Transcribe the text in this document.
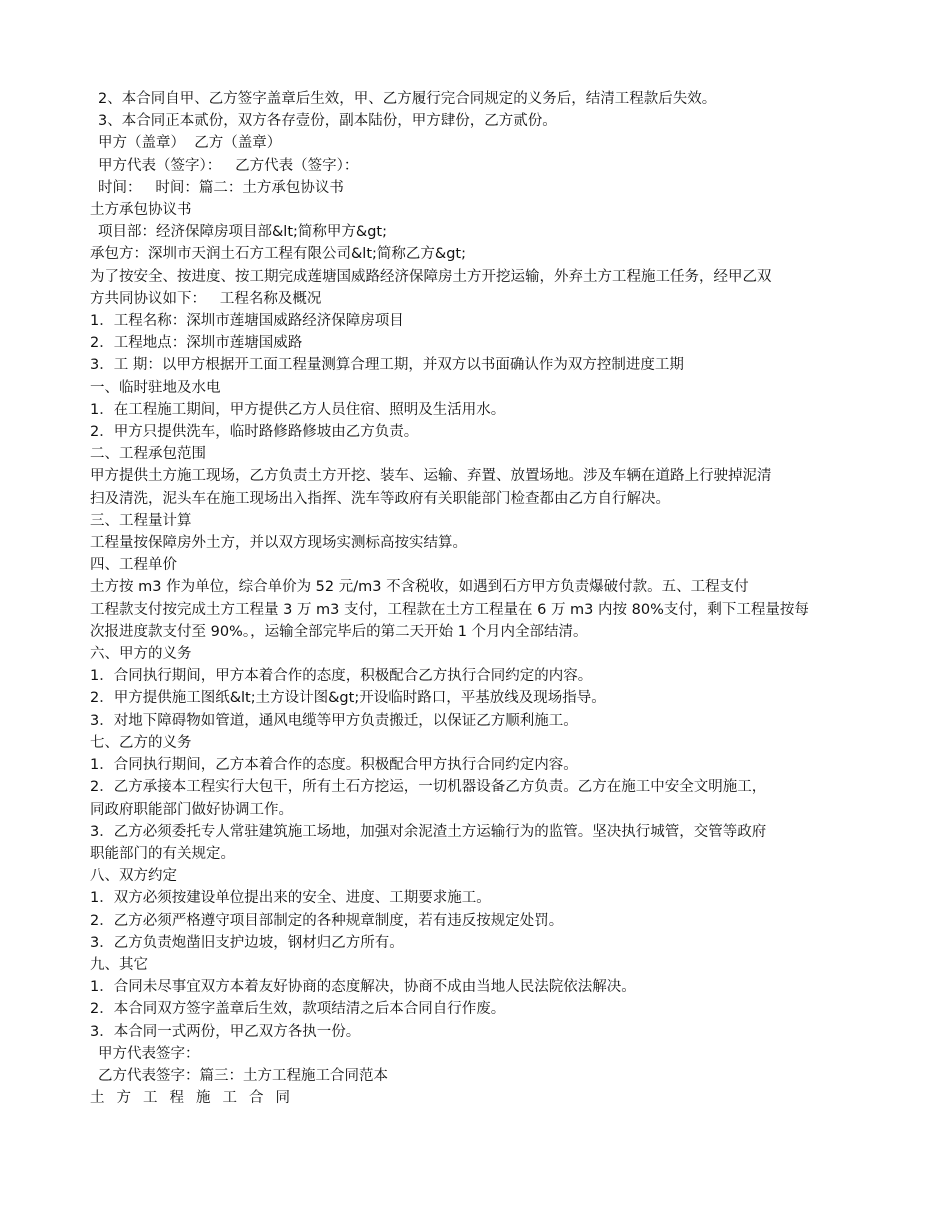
2、本合同自甲、乙方签字盖章后生效，甲、乙方履行完合同规定的义务后，结清工程款后失效。
3、本合同正本贰份，双方各存壹份，副本陆份，甲方肆份，乙方贰份。
甲方（盖章）  乙方（盖章）
甲方代表（签字）：   乙方代表（签字）：
时间：   时间：篇二：土方承包协议书
土方承包协议书
项目部：经济保障房项目部&lt;简称甲方&gt;
承包方：深圳市天润土石方工程有限公司&lt;简称乙方&gt;
为了按安全、按进度、按工期完成莲塘国威路经济保障房土方开挖运输，外弃土方工程施工任务，经甲乙双
方共同协议如下：   工程名称及概况
1．工程名称：深圳市莲塘国威路经济保障房项目
2．工程地点：深圳市莲塘国威路
3．工 期：以甲方根据开工面工程量测算合理工期，并双方以书面确认作为双方控制进度工期
一、临时驻地及水电
1．在工程施工期间，甲方提供乙方人员住宿、照明及生活用水。
2．甲方只提供洗车，临时路修路修坡由乙方负责。
二、工程承包范围
甲方提供土方施工现场，乙方负责土方开挖、装车、运输、弃置、放置场地。涉及车辆在道路上行驶掉泥清
扫及清洗，泥头车在施工现场出入指挥、洗车等政府有关职能部门检查都由乙方自行解决。
三、工程量计算
工程量按保障房外土方，并以双方现场实测标高按实结算。
四、工程单价
土方按 m3 作为单位，综合单价为 52 元/m3 不含税收，如遇到石方甲方负责爆破付款。五、工程支付
工程款支付按完成土方工程量 3 万 m3 支付，工程款在土方工程量在 6 万 m3 内按 80%支付，剩下工程量按每
次报进度款支付至 90%。，运输全部完毕后的第二天开始 1 个月内全部结清。
六、甲方的义务
1．合同执行期间，甲方本着合作的态度，积极配合乙方执行合同约定的内容。
2．甲方提供施工图纸&lt;土方设计图&gt;开设临时路口，平基放线及现场指导。
3．对地下障碍物如管道，通风电缆等甲方负责搬迁，以保证乙方顺利施工。
七、乙方的义务
1．合同执行期间，乙方本着合作的态度。积极配合甲方执行合同约定内容。
2．乙方承接本工程实行大包干，所有土石方挖运，一切机器设备乙方负责。乙方在施工中安全文明施工，
同政府职能部门做好协调工作。
3．乙方必须委托专人常驻建筑施工场地，加强对余泥渣土方运输行为的监管。坚决执行城管，交管等政府
职能部门的有关规定。
八、双方约定
1．双方必须按建设单位提出来的安全、进度、工期要求施工。
2．乙方必须严格遵守项目部制定的各种规章制度，若有违反按规定处罚。
3．乙方负责炮凿旧支护边坡，钢材归乙方所有。
九、其它
1．合同未尽事宜双方本着友好协商的态度解决，协商不成由当地人民法院依法解决。
2．本合同双方签字盖章后生效，款项结清之后本合同自行作废。
3．本合同一式两份，甲乙双方各执一份。
甲方代表签字：
乙方代表签字：篇三：土方工程施工合同范本
土方工程施工合同
